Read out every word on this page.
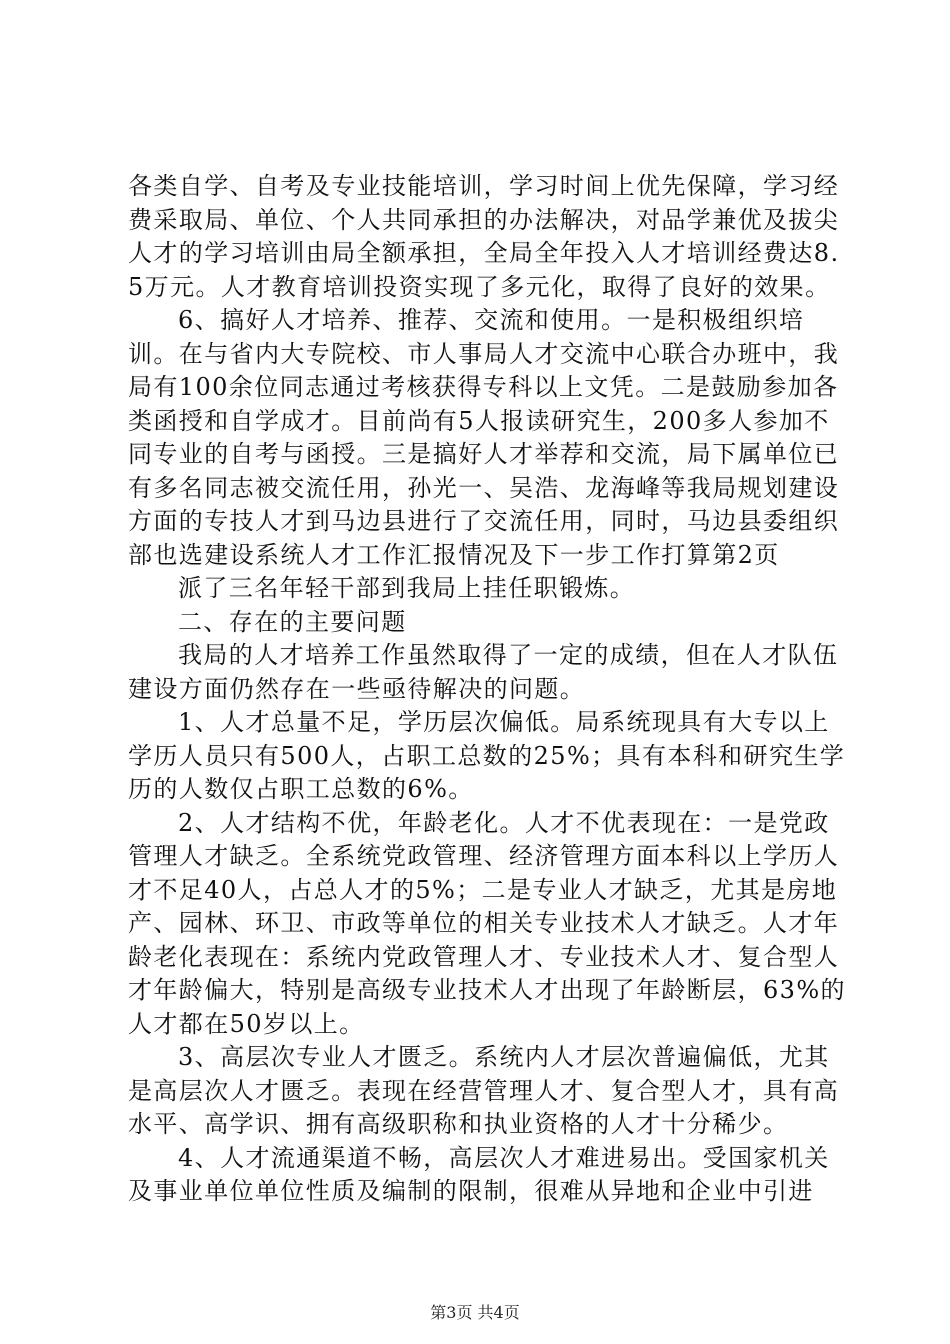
各类自学、自考及专业技能培训，学习时间上优先保障，学习经费采取局、单位、个人共同承担的办法解决，对品学兼优及拔尖人才的学习培训由局全额承担，全局全年投入人才培训经费达8.5万元。人才教育培训投资实现了多元化，取得了良好的效果。

6、搞好人才培养、推荐、交流和使用。一是积极组织培训。在与省内大专院校、市人事局人才交流中心联合办班中，我局有100余位同志通过考核获得专科以上文凭。二是鼓励参加各类函授和自学成才。目前尚有5人报读研究生，200多人参加不同专业的自考与函授。三是搞好人才举荐和交流，局下属单位已有多名同志被交流任用，孙光一、吴浩、龙海峰等我局规划建设方面的专技人才到马边县进行了交流任用，同时，马边县委组织部也选建设系统人才工作汇报情况及下一步工作打算第2页

派了三名年轻干部到我局上挂任职锻炼。

二、存在的主要问题

我局的人才培养工作虽然取得了一定的成绩，但在人才队伍建设方面仍然存在一些亟待解决的问题。

1、人才总量不足，学历层次偏低。局系统现具有大专以上学历人员只有500人，占职工总数的25%；具有本科和研究生学历的人数仅占职工总数的6%。

2、人才结构不优，年龄老化。人才不优表现在：一是党政管理人才缺乏。全系统党政管理、经济管理方面本科以上学历人才不足40人，占总人才的5%；二是专业人才缺乏，尤其是房地产、园林、环卫、市政等单位的相关专业技术人才缺乏。人才年龄老化表现在：系统内党政管理人才、专业技术人才、复合型人才年龄偏大，特别是高级专业技术人才出现了年龄断层，63%的人才都在50岁以上。

3、高层次专业人才匮乏。系统内人才层次普遍偏低，尤其是高层次人才匮乏。表现在经营管理人才、复合型人才，具有高水平、高学识、拥有高级职称和执业资格的人才十分稀少。

4、人才流通渠道不畅，高层次人才难进易出。受国家机关及事业单位单位性质及编制的限制，很难从异地和企业中引进

第3页 共4页
